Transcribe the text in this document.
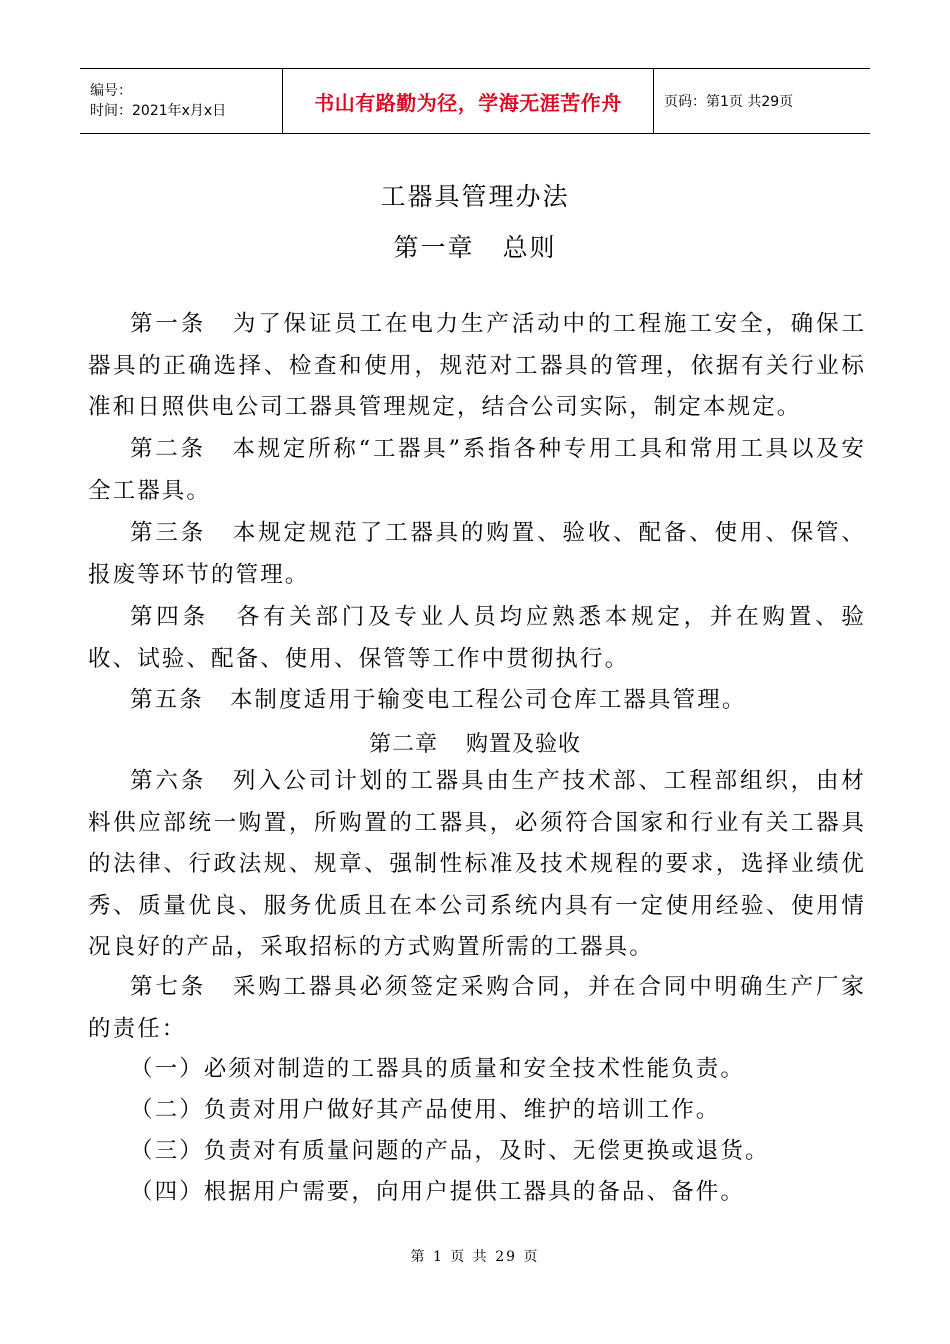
编号：
时间：2021年x月x日	书山有路勤为径，学海无涯苦作舟	页码：第1页 共29页
工器具管理办法
第一章 总则
第一条 为了保证员工在电力生产活动中的工程施工安全，确保工器具的正确选择、检查和使用，规范对工器具的管理，依据有关行业标准和日照供电公司工器具管理规定，结合公司实际，制定本规定。
第二条 本规定所称“工器具”系指各种专用工具和常用工具以及安全工器具。
第三条 本规定规范了工器具的购置、验收、配备、使用、保管、报废等环节的管理。
第四条 各有关部门及专业人员均应熟悉本规定，并在购置、验收、试验、配备、使用、保管等工作中贯彻执行。
第五条 本制度适用于输变电工程公司仓库工器具管理。
第二章 购置及验收
第六条 列入公司计划的工器具由生产技术部、工程部组织，由材料供应部统一购置，所购置的工器具，必须符合国家和行业有关工器具的法律、行政法规、规章、强制性标准及技术规程的要求，选择业绩优秀、质量优良、服务优质且在本公司系统内具有一定使用经验、使用情况良好的产品，采取招标的方式购置所需的工器具。
第七条 采购工器具必须签定采购合同，并在合同中明确生产厂家的责任：
（一）必须对制造的工器具的质量和安全技术性能负责。
（二）负责对用户做好其产品使用、维护的培训工作。
（三）负责对有质量问题的产品，及时、无偿更换或退货。
（四）根据用户需要，向用户提供工器具的备品、备件。
第 1 页 共 29 页
